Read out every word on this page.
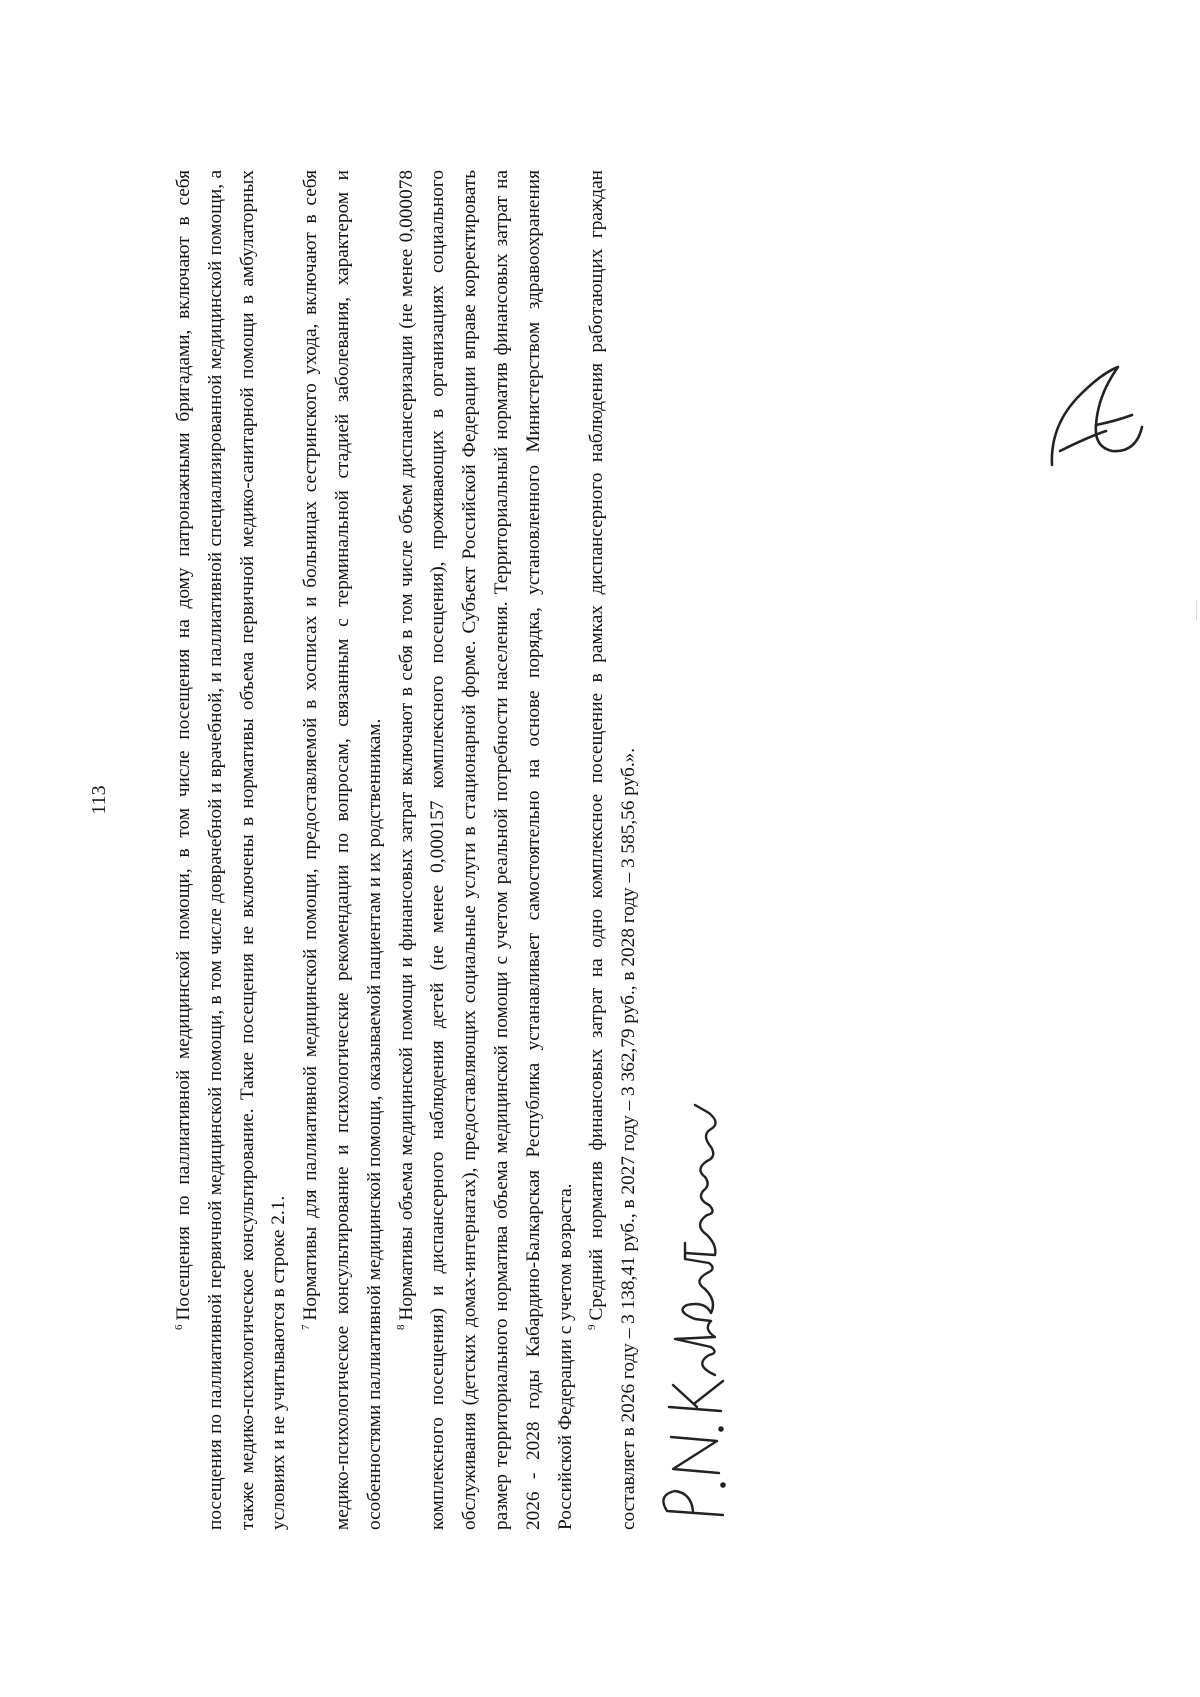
113

$^6$Посещения по паллиативной медицинской помощи, в том числе посещения на дому патронажными бригадами, включают в себя посещения по паллиативной первичной медицинской помощи, в том числе доврачебной и врачебной, и паллиативной специализированной медицинской помощи, а также медико-психологическое консультирование. Такие посещения не включены в нормативы объема первичной медико-санитарной помощи в амбулаторных условиях и не учитываются в строке 2.1. $^7$Нормативы для паллиативной медицинской помощи, предоставляемой в хосписах и больницах сестринского ухода, включают в себя медико-психологическое консультирование и психологические рекомендации по вопросам, связанным с терминальной стадией заболевания, характером и особенностями паллиативной медицинской помощи, оказываемой пациентам и их родственникам. $^8$Нормативы объема медицинской помощи и финансовых затрат включают в себя в том числе объем диспансеризации (не менее 0,000078 комплексного посещения) и диспансерного наблюдения детей (не менее 0,000157 комплексного посещения), проживающих в организациях социального обслуживания (детских домах-интернатах), предоставляющих социальные услуги в стационарной форме. Субъект Российской Федерации вправе корректировать размер территориального норматива объема медицинской помощи с учетом реальной потребности населения. Территориальный норматив финансовых затрат на 2026 - 2028 годы Кабардино-Балкарская Республика устанавливает самостоятельно на основе порядка, установленного Министерством здравоохранения Российской Федерации с учетом возраста. $^9$Средний норматив финансовых затрат на одно комплексное посещение в рамках диспансерного наблюдения работающих граждан составляет в 2026 году – 3 138,41 руб., в 2027 году – 3 362,79 руб., в 2028 году – 3 585,56 руб.».
